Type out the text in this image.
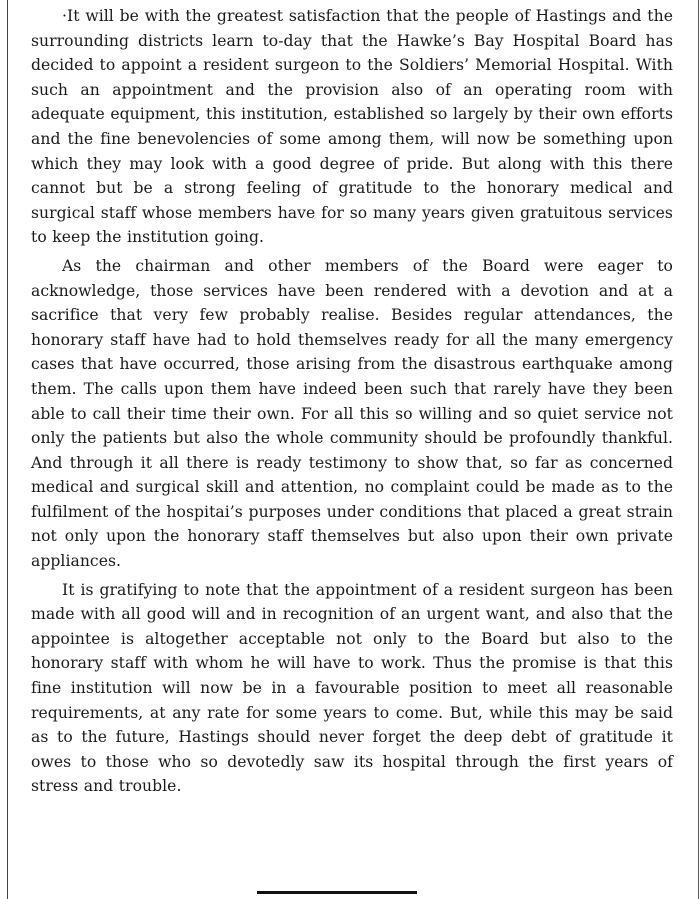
·It will be with the greatest satisfaction that the people of Hastings and the surrounding districts learn to-day that the Hawke’s Bay Hospital Board has decided to appoint a resident surgeon to the Soldiers’ Memorial Hospital. With such an appointment and the provision also of an operating room with adequate equipment, this institution, established so largely by their own efforts and the fine benevolencies of some among them, will now be something upon which they may look with a good degree of pride. But along with this there cannot but be a strong feeling of gratitude to the honorary medical and surgical staff whose members have for so many years given gratuitous services to keep the institution going.

As the chairman and other members of the Board were eager to acknowledge, those services have been rendered with a devotion and at a sacrifice that very few probably realise. Besides regular attendances, the honorary staff have had to hold themselves ready for all the many emergency cases that have occurred, those arising from the disastrous earthquake among them. The calls upon them have indeed been such that rarely have they been able to call their time their own. For all this so willing and so quiet service not only the patients but also the whole community should be profoundly thankful. And through it all there is ready testimony to show that, so far as concerned medical and surgical skill and attention, no complaint could be made as to the fulfilment of the hospitai’s purposes under conditions that placed a great strain not only upon the honorary staff themselves but also upon their own private appliances.

It is gratifying to note that the appointment of a resident surgeon has been made with all good will and in recognition of an urgent want, and also that the appointee is altogether acceptable not only to the Board but also to the honorary staff with whom he will have to work. Thus the promise is that this fine institution will now be in a favourable position to meet all reasonable requirements, at any rate for some years to come. But, while this may be said as to the future, Hastings should never forget the deep debt of gratitude it owes to those who so devotedly saw its hospital through the first years of stress and trouble.
